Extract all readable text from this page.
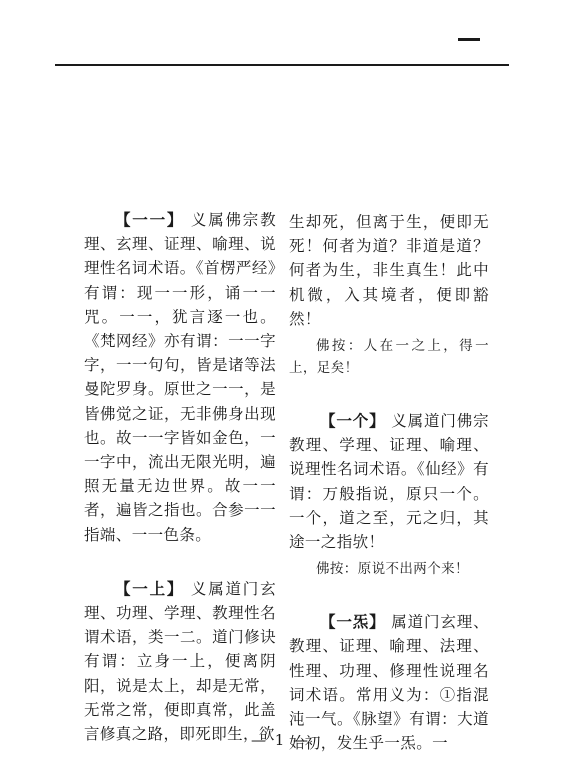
【一一】 义属佛宗教理、玄理、证理、喻理、说理性名词术语。《首楞严经》有谓：现一一形，诵一一咒。一一，犹言逐一也。《梵网经》亦有谓：一一字字，一一句句，皆是诸等法曼陀罗身。原世之一一，是皆佛觉之证，无非佛身出现也。故一一字皆如金色，一一字中，流出无限光明，遍照无量无边世界。故一一者，遍皆之指也。合参一一指端、一一色条。

【一上】 义属道门玄理、功理、学理、教理性名谓术语，类一二。道门修诀有谓：立身一上，便离阴阳，说是太上，却是无常，无常之常，便即真常，此盖言修真之路，即死即生，欲

生却死，但离于生，便即无死！何者为道？非道是道？何者为生，非生真生！此中机微，入其境者，便即豁然！

佛按：人在一之上，得一上，足矣！

【一个】 义属道门佛宗教理、学理、证理、喻理、说理性名词术语。《仙经》有谓：万般指说，原只一个。一个，道之至，元之归，其途一之指欤！

佛按：原说不出两个来！

【一炁】 属道门玄理、教理、证理、喻理、法理、性理、功理、修理性说理名词术语。常用义为：①指混沌一气。《脉望》有谓：大道始初，发生乎一炁。一

— 1 —
